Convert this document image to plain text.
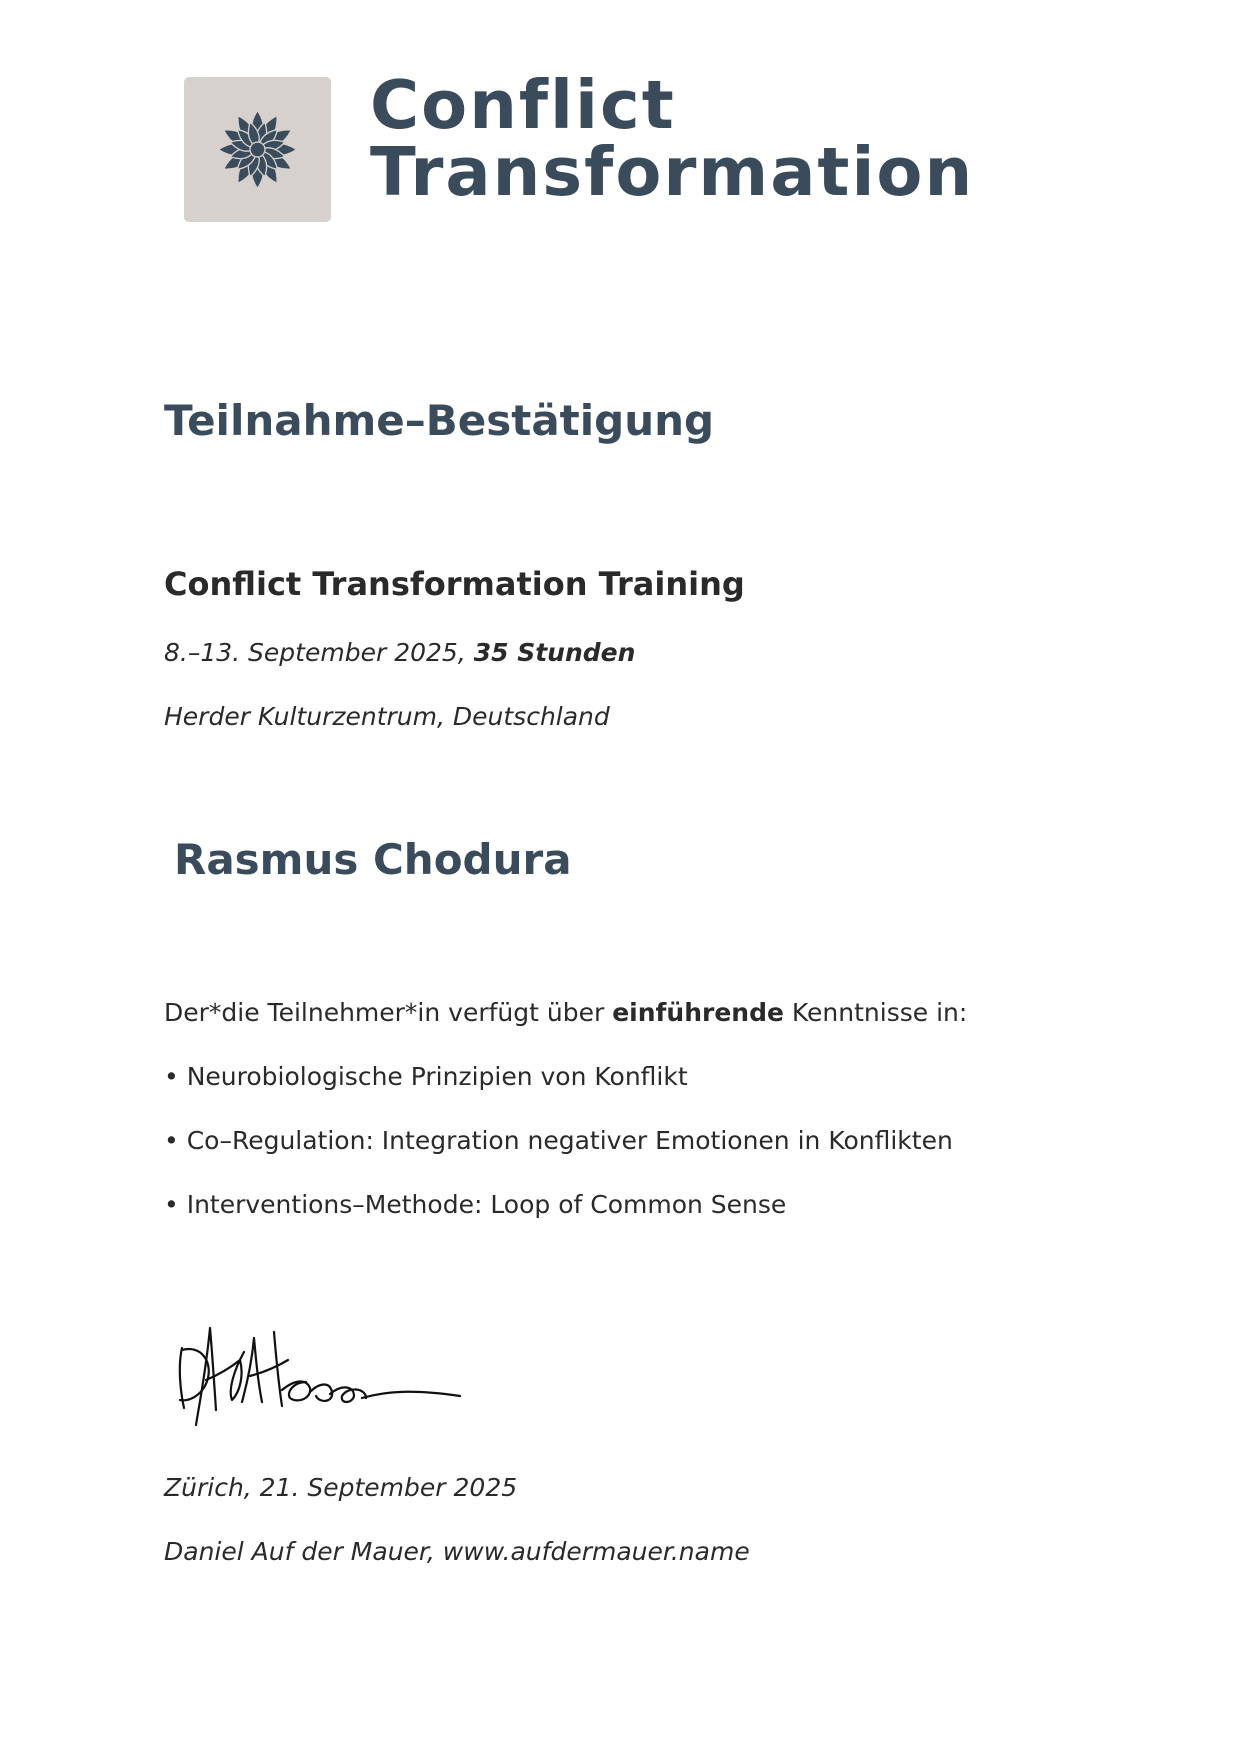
Conflict
Transformation
Teilnahme–Bestätigung
Conflict Transformation Training

8.–13. September 2025, 35 Stunden

Herder Kulturzentrum, Deutschland

Rasmus Chodura

Der*die Teilnehmer*in verfügt über einführende Kenntnisse in:

• Neurobiologische Prinzipien von Konflikt

• Co–Regulation: Integration negativer Emotionen in Konflikten

• Interventions–Methode: Loop of Common Sense

Zürich, 21. September 2025

Daniel Auf der Mauer, www.aufdermauer.name
